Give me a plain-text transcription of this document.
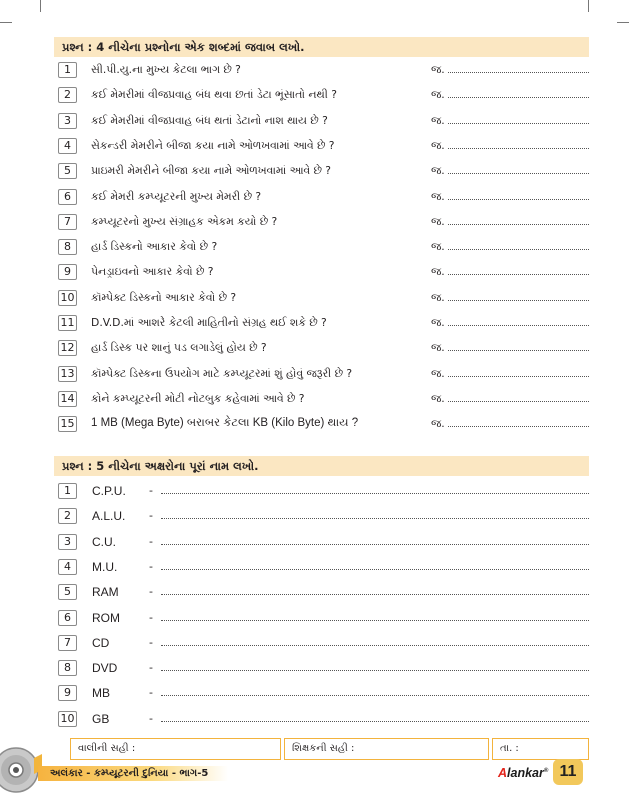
પ્રશ્ન : 4 નીચેના પ્રશ્નોના એક શબ્દમાં જવાબ લખો.
1	સી.પી.યુ.ના મુખ્ય કેટલા ભાગ છે ?	જ.
2	કઈ મેમરીમાં વીજપ્રવાહ બંધ થવા છતાં ડેટા ભૂંસાતો નથી ?	જ.
3	કઈ મેમરીમાં વીજપ્રવાહ બંધ થતાં ડેટાનો નાશ થાય છે ?	જ.
4	સેકન્ડરી મેમરીને બીજા કયા નામે ઓળખવામાં આવે છે ?	જ.
5	પ્રાઇમરી મેમરીને બીજા કયા નામે ઓળખવામાં આવે છે ?	જ.
6	કઈ મેમરી કમ્પ્યૂટરની મુખ્ય મેમરી છે ?	જ.
7	કમ્પ્યૂટરનો મુખ્ય સંગ્રાહક એકમ કયો છે ?	જ.
8	હાર્ડ ડિસ્કનો આકાર કેવો છે ?	જ.
9	પેનડ્રાઇવનો આકાર કેવો છે ?	જ.
10 કૉમ્પેક્ટ ડિસ્કનો આકાર કેવો છે ?	જ.
11 D.V.D.માં આશરે કેટલી માહિતીનો સંગ્રહ થઈ શકે છે ?	જ.
12 હાર્ડ ડિસ્ક પર શાનું પડ લગાડેલું હોય છે ?	જ.
13 કૉમ્પેક્ટ ડિસ્કના ઉપયોગ માટે કમ્પ્યૂટરમાં શું હોવું જરૂરી છે ?	જ.
14 કોને કમ્પ્યૂટરની મોટી નોટબુક કહેવામાં આવે છે ?	જ.
15 1 MB (Mega Byte) બરાબર કેટલા KB (Kilo Byte) થાય ?	જ.
પ્રશ્ન : 5 નીચેના અક્ષરોના પૂરાં નામ લખો.
1	C.P.U. -
2	A.L.U. -
3	C.U.	-
4	M.U.	-
5	RAM	-
6	ROM	-
7	CD	-
8	DVD	-
9	MB	-
10 GB	-
વાલીની સહી :	શિક્ષકની સહી :	તા. :
અલંકાર - કમ્પ્યૂટરની દુનિયા - ભાગ-5	Alankar® 11
